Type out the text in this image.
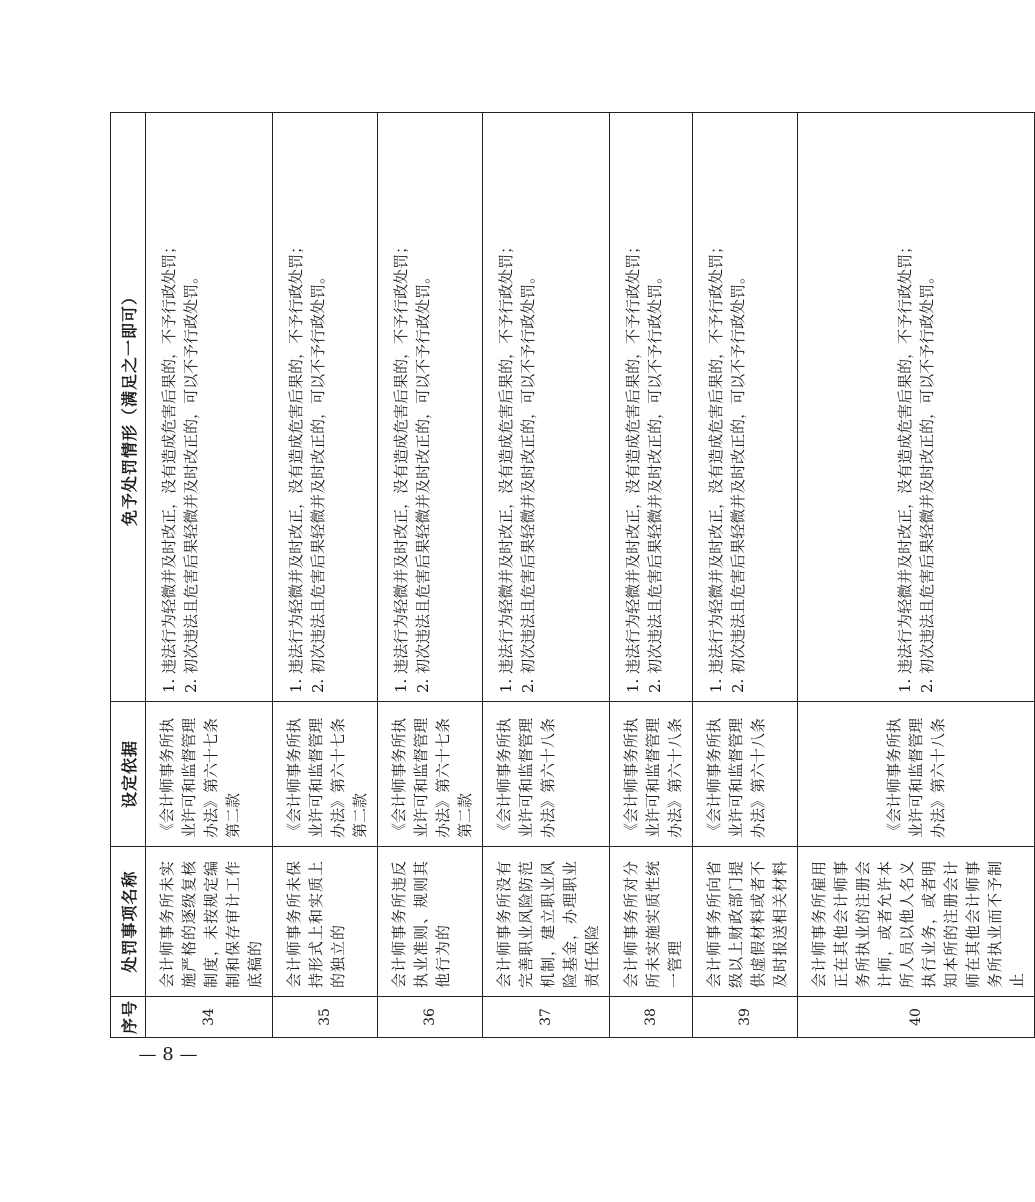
序号	处罚事项名称	设定依据	免予处罚情形（满足之一即可）
34	会计师事务所未实施严格的逐级复核制度，未按规定编制和保存审计工作底稿的	《会计师事务所执业许可和监督管理办法》第六十七条第二款	1. 违法行为轻微并及时改正，没有造成危害后果的，不予行政处罚； 2. 初次违法且危害后果轻微并及时改正的，可以不予行政处罚。

35	会计师事务所未保持形式上和实质上的独立的	《会计师事务所执业许可和监督管理办法》第六十七条第二款	1. 违法行为轻微并及时改正，没有造成危害后果的，不予行政处罚； 2. 初次违法且危害后果轻微并及时改正的，可以不予行政处罚。

36	会计师事务所违反执业准则、规则其他行为的	《会计师事务所执业许可和监督管理办法》第六十七条第二款	1. 违法行为轻微并及时改正，没有造成危害后果的，不予行政处罚； 2. 初次违法且危害后果轻微并及时改正的，可以不予行政处罚。

37	会计师事务所没有完善职业风险防范机制，建立职业风险基金，办理职业责任保险	《会计师事务所执业许可和监督管理办法》第六十八条	1. 违法行为轻微并及时改正，没有造成危害后果的，不予行政处罚； 2. 初次违法且危害后果轻微并及时改正的，可以不予行政处罚。

38	会计师事务所对分所未实施实质性统一管理	《会计师事务所执业许可和监督管理办法》第六十八条	1. 违法行为轻微并及时改正，没有造成危害后果的，不予行政处罚； 2. 初次违法且危害后果轻微并及时改正的，可以不予行政处罚。

39	会计师事务所向省级以上财政部门提供虚假材料或者不及时报送相关材料	《会计师事务所执业许可和监督管理办法》第六十八条	1. 违法行为轻微并及时改正，没有造成危害后果的，不予行政处罚； 2. 初次违法且危害后果轻微并及时改正的，可以不予行政处罚。

40	会计师事务所雇用正在其他会计师事务所执业的注册会计师，或者允许本所人员以他人名义执行业务，或者明知本所的注册会计师在其他会计师事务所执业而不予制止	《会计师事务所执业许可和监督管理办法》第六十八条	1. 违法行为轻微并及时改正，没有造成危害后果的，不予行政处罚； 2. 初次违法且危害后果轻微并及时改正的，可以不予行政处罚。
— 8 —
